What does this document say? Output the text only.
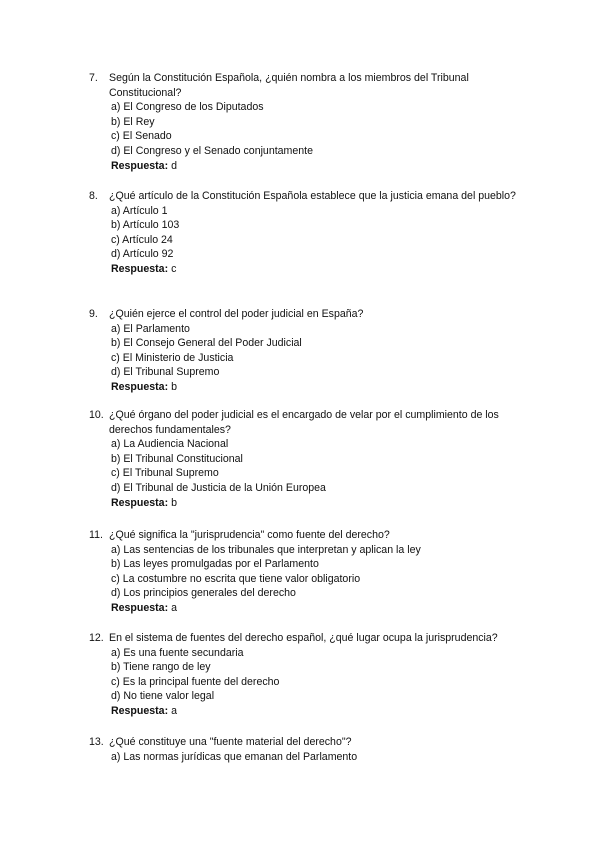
7.	Según la Constitución Española, ¿quién nombra a los miembros del Tribunal Constitucional?
a) El Congreso de los Diputados
b) El Rey
c) El Senado
d) El Congreso y el Senado conjuntamente
Respuesta: d
8.	¿Qué artículo de la Constitución Española establece que la justicia emana del pueblo?
a) Artículo 1
b) Artículo 103
c) Artículo 24
d) Artículo 92
Respuesta: c
9.	¿Quién ejerce el control del poder judicial en España?
a) El Parlamento
b) El Consejo General del Poder Judicial
c) El Ministerio de Justicia
d) El Tribunal Supremo
Respuesta: b
10. ¿Qué órgano del poder judicial es el encargado de velar por el cumplimiento de los derechos fundamentales?
a) La Audiencia Nacional
b) El Tribunal Constitucional
c) El Tribunal Supremo
d) El Tribunal de Justicia de la Unión Europea
Respuesta: b
11. ¿Qué significa la "jurisprudencia" como fuente del derecho?
a) Las sentencias de los tribunales que interpretan y aplican la ley
b) Las leyes promulgadas por el Parlamento
c) La costumbre no escrita que tiene valor obligatorio
d) Los principios generales del derecho
Respuesta: a
12. En el sistema de fuentes del derecho español, ¿qué lugar ocupa la jurisprudencia?
a) Es una fuente secundaria
b) Tiene rango de ley
c) Es la principal fuente del derecho
d) No tiene valor legal
Respuesta: a
13. ¿Qué constituye una "fuente material del derecho"?
a) Las normas jurídicas que emanan del Parlamento
